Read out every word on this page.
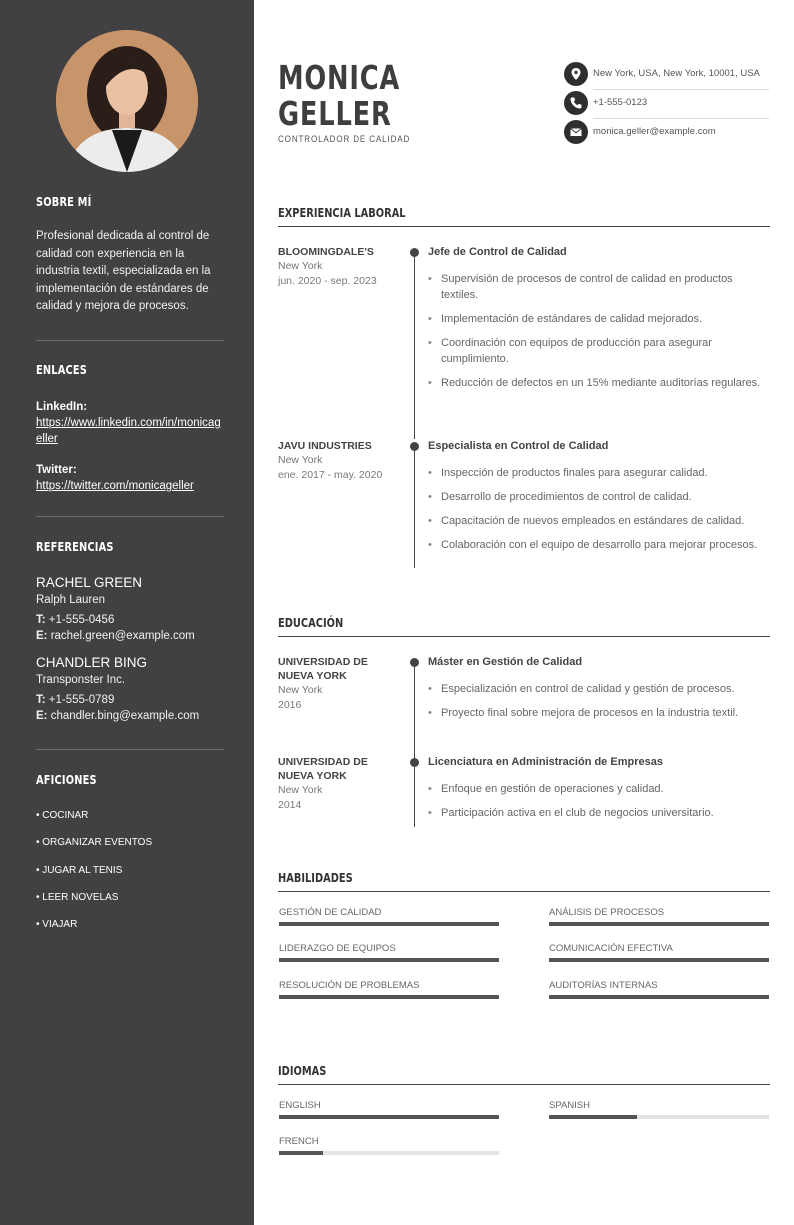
SOBRE MÍ
Profesional dedicada al control de calidad con experiencia en la industria textil, especializada en la implementación de estándares de calidad y mejora de procesos.
ENLACES
LinkedIn:
https://www.linkedin.com/in/monicageller
Twitter:
https://twitter.com/monicageller
REFERENCIAS
RACHEL GREEN
Ralph Lauren
T: +1-555-0456
E: rachel.green@example.com
CHANDLER BING
Transponster Inc.
T: +1-555-0789
E: chandler.bing@example.com
AFICIONES
• COCINAR
• ORGANIZAR EVENTOS
• JUGAR AL TENIS
• LEER NOVELAS
• VIAJAR
MONICA
GELLER
CONTROLADOR DE CALIDAD
New York, USA, New York, 10001, USA
+1-555-0123
monica.geller@example.com
EXPERIENCIA LABORAL
BLOOMINGDALE'S
New York
jun. 2020 - sep. 2023
Jefe de Control de Calidad
• Supervisión de procesos de control de calidad en productos textiles.
• Implementación de estándares de calidad mejorados.
• Coordinación con equipos de producción para asegurar cumplimiento.
• Reducción de defectos en un 15% mediante auditorías regulares.
JAVU INDUSTRIES
New York
ene. 2017 - may. 2020
Especialista en Control de Calidad
• Inspección de productos finales para asegurar calidad.
• Desarrollo de procedimientos de control de calidad.
• Capacitación de nuevos empleados en estándares de calidad.
• Colaboración con el equipo de desarrollo para mejorar procesos.
EDUCACIÓN
UNIVERSIDAD DE NUEVA YORK
New York
2016
Máster en Gestión de Calidad
• Especialización en control de calidad y gestión de procesos.
• Proyecto final sobre mejora de procesos en la industria textil.
UNIVERSIDAD DE NUEVA YORK
New York
2014
Licenciatura en Administración de Empresas
• Enfoque en gestión de operaciones y calidad.
• Participación activa en el club de negocios universitario.
HABILIDADES
GESTIÓN DE CALIDAD	ANÁLISIS DE PROCESOS
LIDERAZGO DE EQUIPOS	COMUNICACIÓN EFECTIVA
RESOLUCIÓN DE PROBLEMAS	AUDITORÍAS INTERNAS
IDIOMAS
ENGLISH	SPANISH
FRENCH
